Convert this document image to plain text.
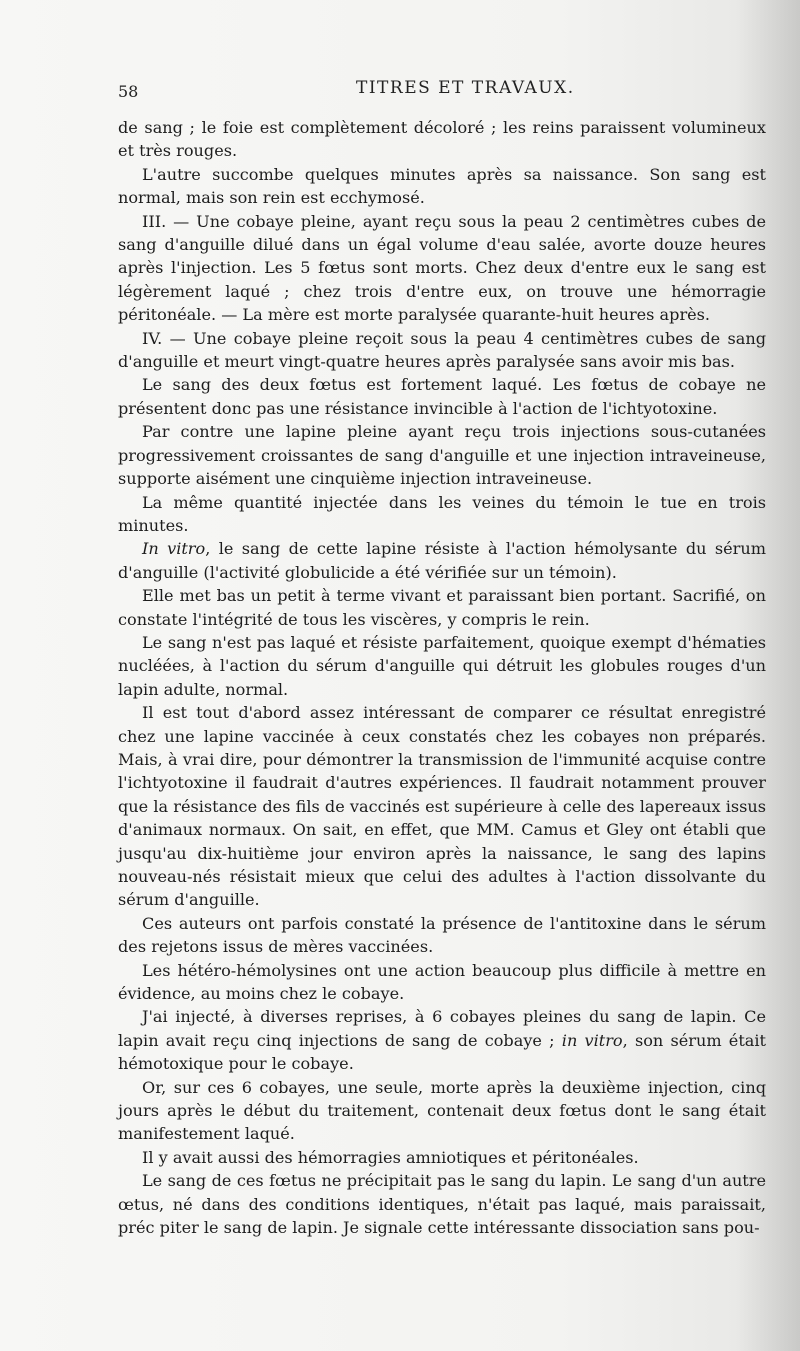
58	TITRES ET TRAVAUX.

de sang ; le foie est complètement décoloré ; les reins paraissent volumineux et très rouges.

L'autre succombe quelques minutes après sa naissance. Son sang est normal, mais son rein est ecchymosé.

III. — Une cobaye pleine, ayant reçu sous la peau 2 centimètres cubes de sang d'anguille dilué dans un égal volume d'eau salée, avorte douze heures après l'injection. Les 5 fœtus sont morts. Chez deux d'entre eux le sang est légèrement laqué ; chez trois d'entre eux, on trouve une hémorragie péritonéale. — La mère est morte paralysée quarante-huit heures après.

IV. — Une cobaye pleine reçoit sous la peau 4 centimètres cubes de sang d'anguille et meurt vingt-quatre heures après paralysée sans avoir mis bas.

Le sang des deux fœtus est fortement laqué. Les fœtus de cobaye ne présentent donc pas une résistance invincible à l'action de l'ichtyotoxine.

Par contre une lapine pleine ayant reçu trois injections sous-cutanées progressivement croissantes de sang d'anguille et une injection intraveineuse, supporte aisément une cinquième injection intraveineuse.

La même quantité injectée dans les veines du témoin le tue en trois minutes.

In vitro, le sang de cette lapine résiste à l'action hémolysante du sérum d'anguille (l'activité globulicide a été vérifiée sur un témoin).

Elle met bas un petit à terme vivant et paraissant bien portant. Sacrifié, on constate l'intégrité de tous les viscères, y compris le rein.

Le sang n'est pas laqué et résiste parfaitement, quoique exempt d'hématies nucléées, à l'action du sérum d'anguille qui détruit les globules rouges d'un lapin adulte, normal.

Il est tout d'abord assez intéressant de comparer ce résultat enregistré chez une lapine vaccinée à ceux constatés chez les cobayes non préparés. Mais, à vrai dire, pour démontrer la transmission de l'immunité acquise contre l'ichtyotoxine il faudrait d'autres expériences. Il faudrait notamment prouver que la résistance des fils de vaccinés est supérieure à celle des lapereaux issus d'animaux normaux. On sait, en effet, que MM. Camus et Gley ont établi que jusqu'au dix-huitième jour environ après la naissance, le sang des lapins nouveau-nés résistait mieux que celui des adultes à l'action dissolvante du sérum d'anguille.

Ces auteurs ont parfois constaté la présence de l'antitoxine dans le sérum des rejetons issus de mères vaccinées.

Les hétéro-hémolysines ont une action beaucoup plus difficile à mettre en évidence, au moins chez le cobaye.

J'ai injecté, à diverses reprises, à 6 cobayes pleines du sang de lapin. Ce lapin avait reçu cinq injections de sang de cobaye ; in vitro, son sérum était hémotoxique pour le cobaye.

Or, sur ces 6 cobayes, une seule, morte après la deuxième injection, cinq jours après le début du traitement, contenait deux fœtus dont le sang était manifestement laqué.

Il y avait aussi des hémorragies amniotiques et péritonéales.

Le sang de ces fœtus ne précipitait pas le sang du lapin. Le sang d'un autre œtus, né dans des conditions identiques, n'était pas laqué, mais paraissait, préc piter le sang de lapin. Je signale cette intéressante dissociation sans pou-
